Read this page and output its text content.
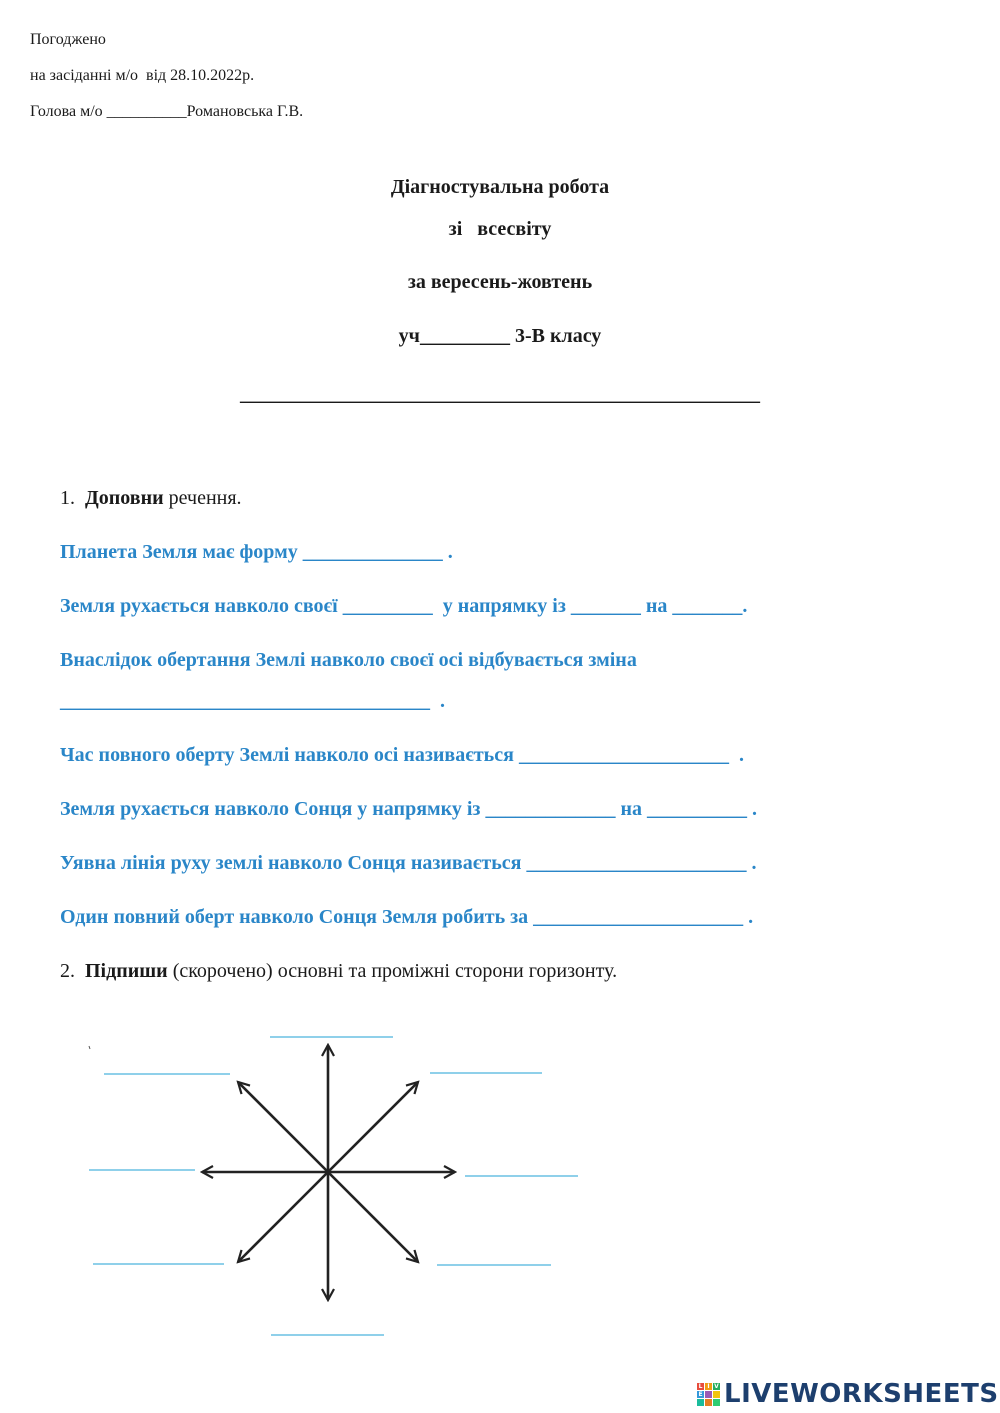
Погоджено
на засіданні м/о  від 28.10.2022р.
Голова м/о __________Романовська Г.В.
Діагностувальна робота
зі   всесвіту
за вересень-жовтень
уч_________ 3-В класу
____________________________________________________
1. Доповни речення.
Планета Земля має форму ______________ .
Земля рухається навколо своєї _________  у напрямку із _______ на _______.
Внаслідок обертання Землі навколо своєї осі відбувається зміна
_____________________________________  .
Час повного оберту Землі навколо осі називається _____________________  .
Земля рухається навколо Сонця у напрямку із _____________ на __________ .
Уявна лінія руху землі навколо Сонця називається ______________________ .
Один повний оберт навколо Сонця Земля робить за _____________________ .
2. Підпиши (скорочено) основні та проміжні сторони горизонту.
L I V
E LIVEWORKSHEETS
